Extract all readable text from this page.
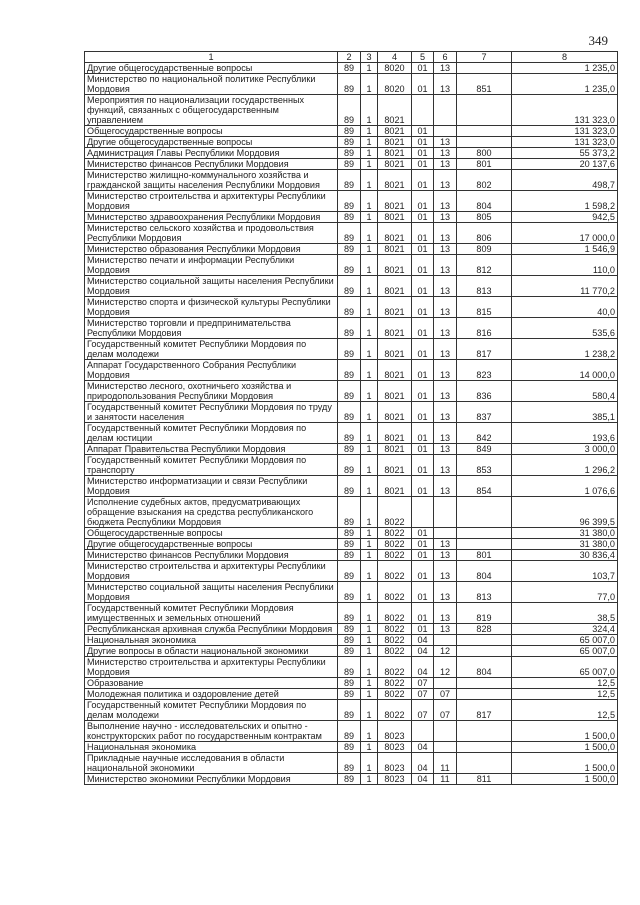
349
1	2	3	4	5	6	7	8
Другие общегосударственные вопросы	89	1	8020	01	13		1 235,0
Министерство по национальной политике Республики Мордовия	89	1	8020	01	13	851	1 235,0
Мероприятия по национализации государственных функций, связанных с общегосударственным управлением	89	1	8021				131 323,0
Общегосударственные вопросы	89	1	8021	01			131 323,0
Другие общегосударственные вопросы	89	1	8021	01	13		131 323,0
Администрация Главы Республики Мордовия	89	1	8021	01	13	800	55 373,2
Министерство финансов Республики Мордовия	89	1	8021	01	13	801	20 137,6
Министерство жилищно-коммунального хозяйства и гражданской защиты населения Республики Мордовия	89	1	8021	01	13	802	498,7
Министерство строительства и архитектуры Республики Мордовия	89	1	8021	01	13	804	1 598,2
Министерство здравоохранения Республики Мордовия	89	1	8021	01	13	805	942,5
Министерство сельского хозяйства и продовольствия Республики Мордовия	89	1	8021	01	13	806	17 000,0
Министерство образования Республики Мордовия	89	1	8021	01	13	809	1 546,9
Министерство печати и информации Республики Мордовия	89	1	8021	01	13	812	110,0
Министерство социальной защиты населения Республики Мордовия	89	1	8021	01	13	813	11 770,2
Министерство спорта и физической культуры Республики Мордовия	89	1	8021	01	13	815	40,0
Министерство торговли и предпринимательства Республики Мордовия	89	1	8021	01	13	816	535,6
Государственный комитет Республики Мордовия по делам молодежи	89	1	8021	01	13	817	1 238,2
Аппарат Государственного Собрания Республики Мордовия	89	1	8021	01	13	823	14 000,0
Министерство лесного, охотничьего хозяйства и природопользования Республики Мордовия	89	1	8021	01	13	836	580,4
Государственный комитет Республики Мордовия по труду и занятости населения	89	1	8021	01	13	837	385,1
Государственный комитет Республики Мордовия по делам юстиции	89	1	8021	01	13	842	193,6
Аппарат Правительства Республики Мордовия	89	1	8021	01	13	849	3 000,0
Государственный комитет Республики Мордовия по транспорту	89	1	8021	01	13	853	1 296,2
Министерство информатизации и связи Республики Мордовия	89	1	8021	01	13	854	1 076,6
Исполнение судебных актов, предусматривающих обращение взыскания на средства республиканского бюджета Республики Мордовия	89	1	8022				96 399,5
Общегосударственные вопросы	89	1	8022	01			31 380,0
Другие общегосударственные вопросы	89	1	8022	01	13		31 380,0
Министерство финансов Республики Мордовия	89	1	8022	01	13	801	30 836,4
Министерство строительства и архитектуры Республики Мордовия	89	1	8022	01	13	804	103,7
Министерство социальной защиты населения Республики Мордовия	89	1	8022	01	13	813	77,0
Государственный комитет Республики Мордовия имущественных и земельных отношений	89	1	8022	01	13	819	38,5
Республиканская архивная служба Республики Мордовия	89	1	8022	01	13	828	324,4
Национальная экономика	89	1	8022	04			65 007,0
Другие вопросы в области национальной экономики	89	1	8022	04	12		65 007,0
Министерство строительства и архитектуры Республики Мордовия	89	1	8022	04	12	804	65 007,0
Образование	89	1	8022	07			12,5
Молодежная политика и оздоровление детей	89	1	8022	07	07		12,5
Государственный комитет Республики Мордовия по делам молодежи	89	1	8022	07	07	817	12,5
Выполнение научно - исследовательских и опытно - конструкторских работ по государственным контрактам	89	1	8023				1 500,0
Национальная экономика	89	1	8023	04			1 500,0
Прикладные научные исследования в области национальной экономики	89	1	8023	04	11		1 500,0
Министерство экономики Республики Мордовия	89	1	8023	04	11	811	1 500,0
